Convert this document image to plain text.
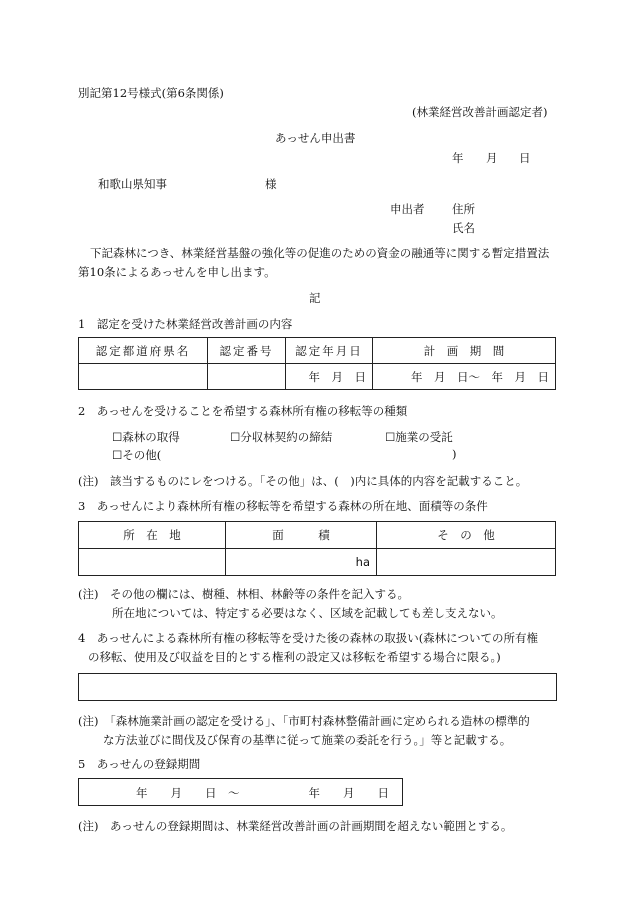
別記第12号様式(第6条関係)
(林業経営改善計画認定者)
あっせん申出書
年 月 日
和歌山県知事	様
申出者 住所
氏名
下記森林につき、林業経営基盤の強化等の促進のための資金の融通等に関する暫定措置法
第10条によるあっせんを申し出ます。
記
1　認定を受けた林業経営改善計画の内容
認定都道府県名	認定番号	認定年月日	計　画　期　間
		年　月　日	年　月　日〜　年　月　日
2　あっせんを受けることを希望する森林所有権の移転等の種類
☐森林の取得	☐分収林契約の締結	☐施業の受託
☐その他(	)
(注)　該当するものにレをつける。「その他」は、(　)内に具体的内容を記載すること。
3　あっせんにより森林所有権の移転等を希望する森林の所在地、面積等の条件
所　在　地	面　　　積	そ　の　他
	ha	
(注)　その他の欄には、樹種、林相、林齢等の条件を記入する。
所在地については、特定する必要はなく、区域を記載しても差し支えない。
4　あっせんによる森林所有権の移転等を受けた後の森林の取扱い(森林についての所有権
の移転、使用及び収益を目的とする権利の設定又は移転を希望する場合に限る。)
(注)　「森林施業計画の認定を受ける」、「市町村森林整備計画に定められる造林の標準的
な方法並びに間伐及び保育の基準に従って施業の委託を行う。」等と記載する。
5　あっせんの登録期間
年　　月　　日　〜　　　　　　年　　月　　日
(注)　あっせんの登録期間は、林業経営改善計画の計画期間を超えない範囲とする。
